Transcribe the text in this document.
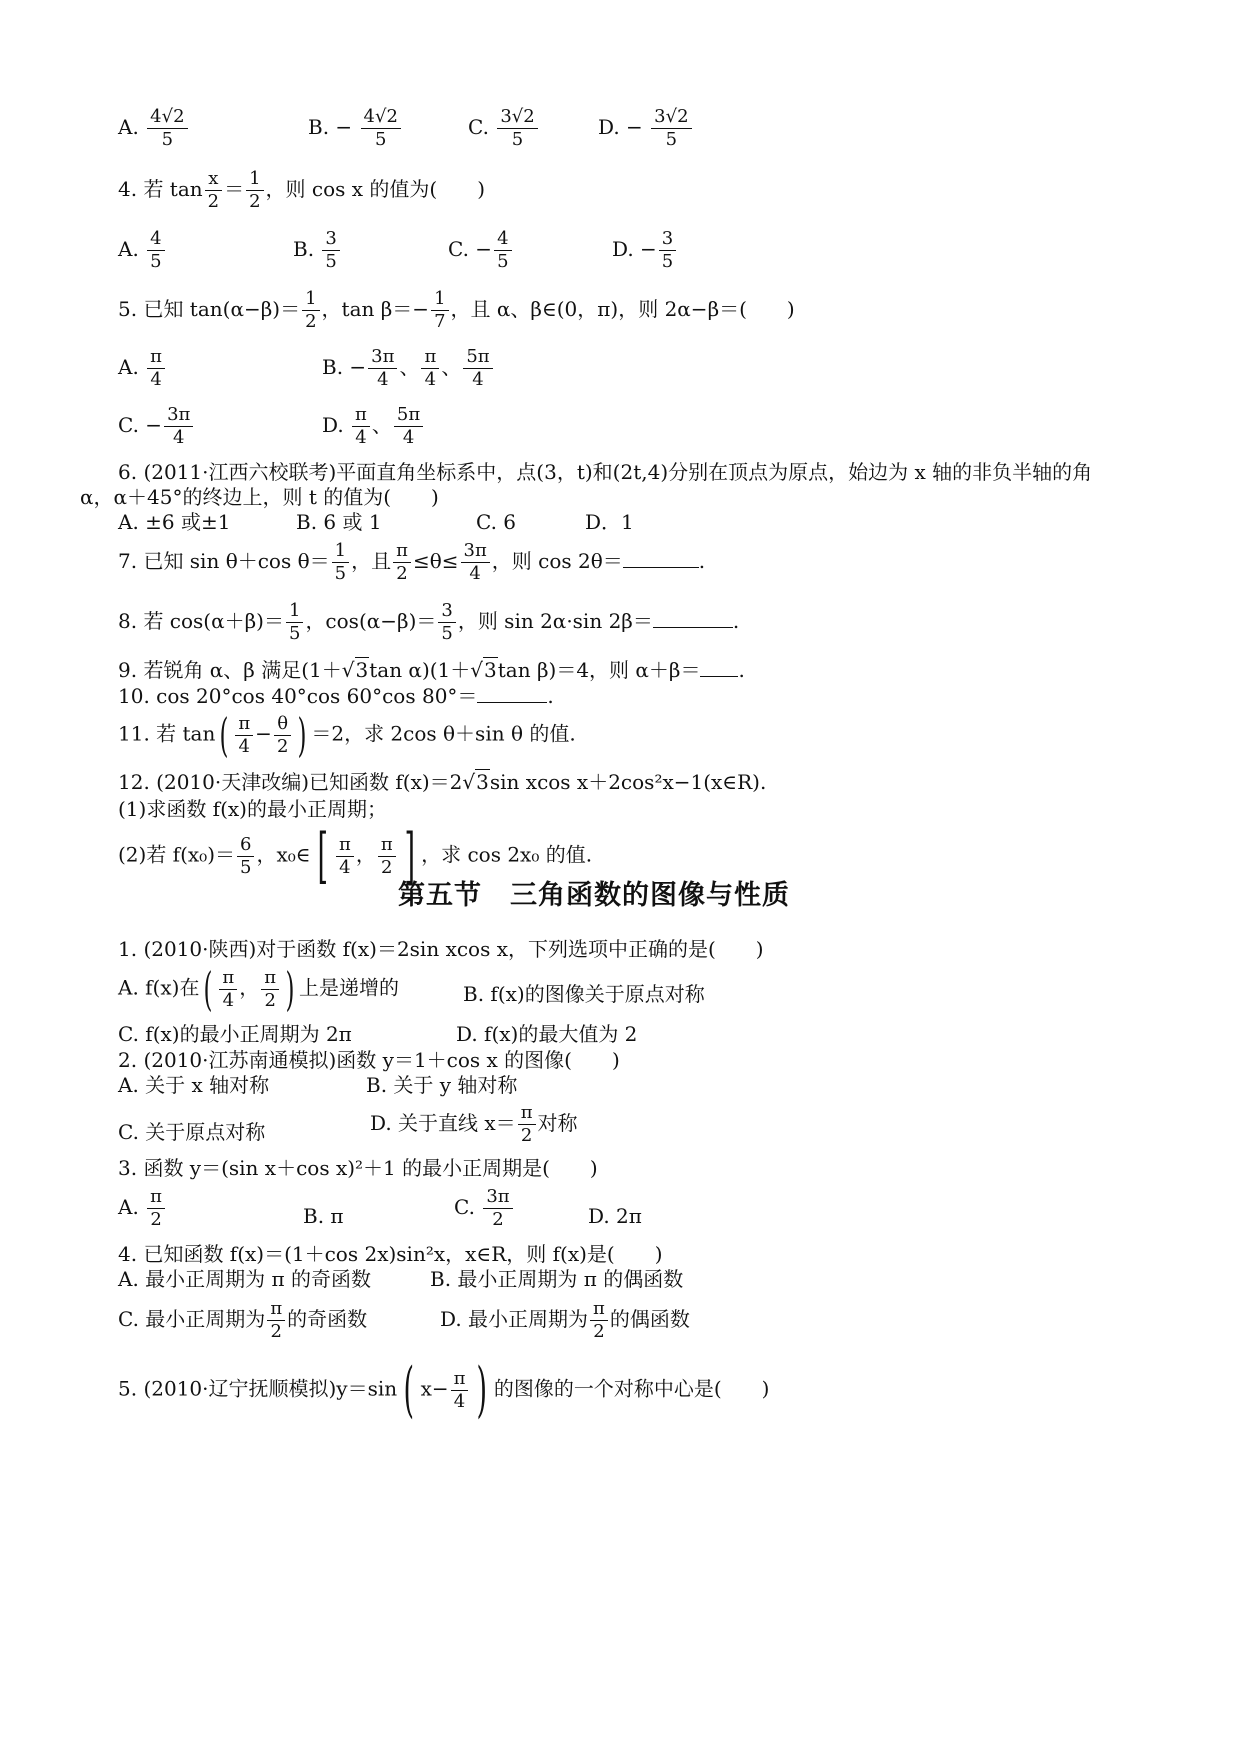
A. $\frac{4√2}{5}$	B. − $\frac{4√2}{5}$	C. $\frac{3√2}{5}$	D. − $\frac{3√2}{5}$
4. 若 $\tan \frac{x}{2} = \frac{1}{2}$ ，则 cos x 的值为(　　)
A. $\frac{4}{5}$	B. $\frac{3}{5}$	C. − $\frac{4}{5}$	D. − $\frac{3}{5}$
5. 已知 $\tan(\alpha-\beta)= \frac{1}{2}$ ，$\tan \beta=- \frac{1}{7}$ ，且 α、β∈(0，π)，则 2α−β＝(　　)
A. $\frac{\pi}{4}$	B. − $\frac{3\pi}{4}$ 、 $\frac{\pi}{4}$ 、 $\frac{5\pi}{4}$
C. − $\frac{3\pi}{4}$	D. $\frac{\pi}{4}$ 、 $\frac{5\pi}{4}$
6. (2011·江西六校联考)平面直角坐标系中，点(3，t)和(2t,4)分别在顶点为原点，始边为 x 轴的非负半轴的角
α，α＋45°的终边上，则 t 的值为(　　)
A. ±6 或±1	B. 6 或 1	C. 6	D．1
7. 已知 sin θ＋cos $\theta= \frac{1}{5}$ ，且 $\frac{\pi}{2} \le\theta\le \frac{3\pi}{4}$ ，则 cos 2θ＝	.
8. 若 $\cos(\alpha+\beta)= \frac{1}{5}$ ，$\cos(\alpha-\beta)= \frac{3}{5}$ ，则 sin 2α·sin 2β＝	.
9. 若锐角 α、β 满足(1＋√3tan α)(1＋√3tan β)＝4，则 α＋β＝ .
10. cos 20°cos 40°cos 60°cos 80°＝	.
11. 若 $\tan( \frac{\pi}{4} - \frac{\theta}{2}$ ) ＝2，求 2cos θ＋sin θ 的值.
12. (2010·天津改编)已知函数 f(x)＝2√3sin xcos x＋2cos²x−1(x∈R).
(1)求函数 f(x)的最小正周期；
(2)若 $f(x_0)= \frac{6}{5}$ ，x₀∈ [ $\frac{\pi}{4}$ ， $\frac{\pi}{2}$ ] ，求 cos 2x₀ 的值.
第五节　三角函数的图像与性质
1. (2010·陕西)对于函数 f(x)＝2sin xcos x，下列选项中正确的是(　　)
A. f(x)在( $\frac{\pi}{4}$ ， $\frac{\pi}{2}$ ) 上是递增的	B. f(x)的图像关于原点对称
C. f(x)的最小正周期为 2π	D. f(x)的最大值为 2
2. (2010·江苏南通模拟)函数 y＝1＋cos x 的图像(　　)
A. 关于 x 轴对称	B. 关于 y 轴对称
C. 关于原点对称	D. 关于直线 $x= \frac{\pi}{2}$ 对称
3. 函数 y＝(sin x＋cos x)²＋1 的最小正周期是(　　)
A. $\frac{\pi}{2}$	B. π	C. $\frac{3\pi}{2}$	D. 2π
4. 已知函数 f(x)＝(1＋cos 2x)sin²x，x∈R，则 f(x)是(　　)
A. 最小正周期为 π 的奇函数	B. 最小正周期为 π 的偶函数
C. 最小正周期为 $\frac{\pi}{2}$ 的奇函数	D. 最小正周期为 $\frac{\pi}{2}$ 的偶函数
5. (2010·辽宁抚顺模拟)y＝sin ( $x- \frac{\pi}{4}$ ) 的图像的一个对称中心是(　　)
